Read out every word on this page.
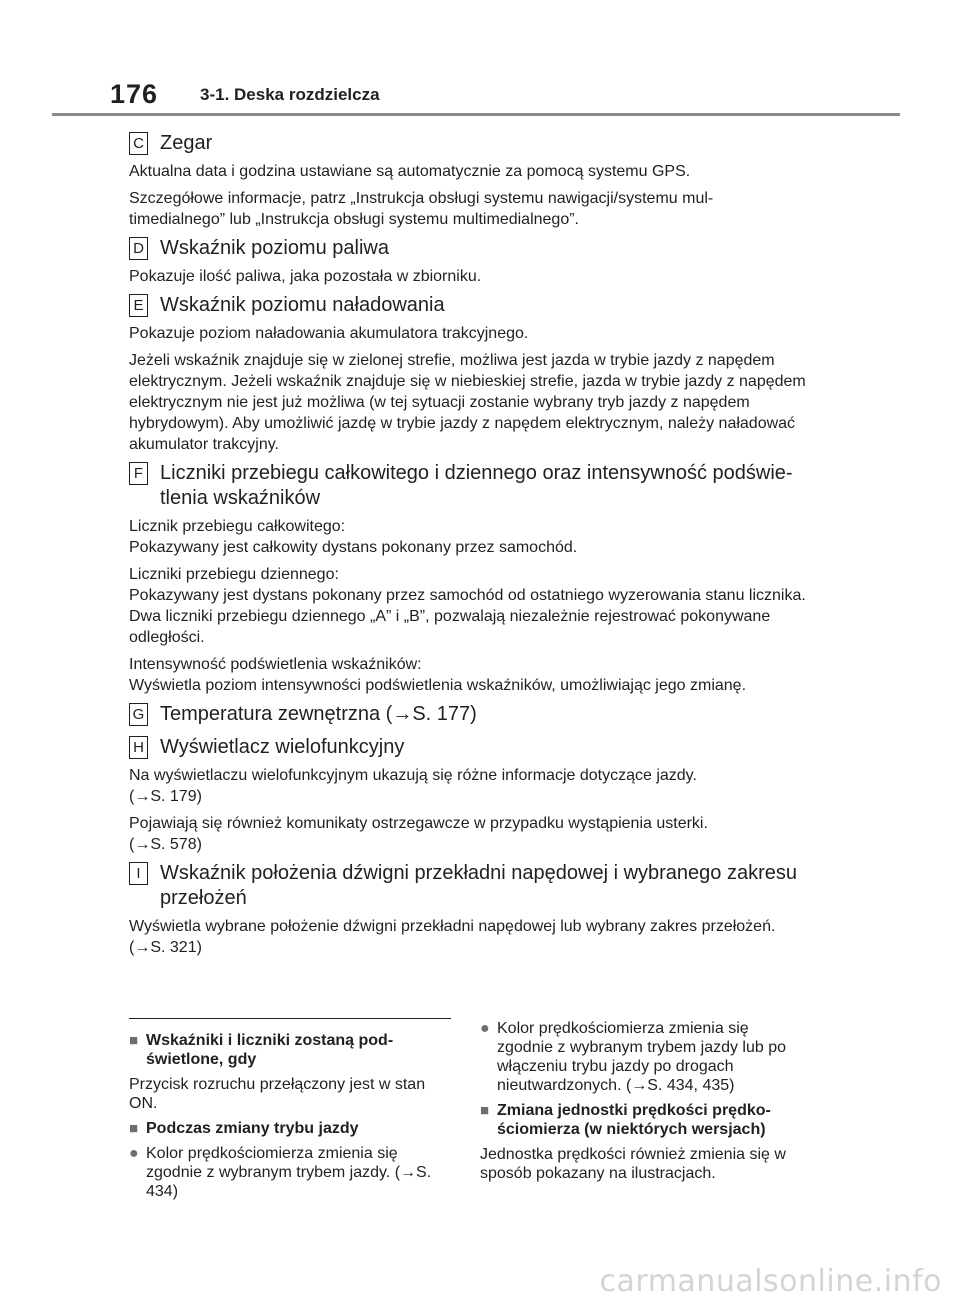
176 3-1. Deska rozdzielcza
C Zegar

Aktualna data i godzina ustawiane są automatycznie za pomocą systemu GPS.

Szczegółowe informacje, patrz „Instrukcja obsługi systemu nawigacji/systemu mul-timedialnego” lub „Instrukcja obsługi systemu multimedialnego”.

D Wskaźnik poziomu paliwa

Pokazuje ilość paliwa, jaka pozostała w zbiorniku.

E Wskaźnik poziomu naładowania

Pokazuje poziom naładowania akumulatora trakcyjnego.

Jeżeli wskaźnik znajduje się w zielonej strefie, możliwa jest jazda w trybie jazdy z napędem elektrycznym. Jeżeli wskaźnik znajduje się w niebieskiej strefie, jazda w trybie jazdy z napędem elektrycznym nie jest już możliwa (w tej sytuacji zostanie wybrany tryb jazdy z napędem hybrydowym). Aby umożliwić jazdę w trybie jazdy z napędem elektrycznym, należy naładować akumulator trakcyjny.

F Liczniki przebiegu całkowitego i dziennego oraz intensywność podświe-tlenia wskaźników

Licznik przebiegu całkowitego:
Pokazywany jest całkowity dystans pokonany przez samochód.

Liczniki przebiegu dziennego:
Pokazywany jest dystans pokonany przez samochód od ostatniego wyzerowania stanu licznika. Dwa liczniki przebiegu dziennego „A” i „B”, pozwalają niezależnie rejestrować pokonywane odległości.

Intensywność podświetlenia wskaźników:
Wyświetla poziom intensywności podświetlenia wskaźników, umożliwiając jego zmianę.

G Temperatura zewnętrzna (→S. 177)
H Wyświetlacz wielofunkcyjny

Na wyświetlaczu wielofunkcyjnym ukazują się różne informacje dotyczące jazdy.
(→S. 179)

Pojawiają się również komunikaty ostrzegawcze w przypadku wystąpienia usterki.
(→S. 578)

I Wskaźnik położenia dźwigni przekładni napędowej i wybranego zakresu przełożeń

Wyświetla wybrane położenie dźwigni przekładni napędowej lub wybrany zakres przełożeń. (→S. 321)

■ Wskaźniki i liczniki zostaną pod-świetlone, gdy
Przycisk rozruchu przełączony jest w stan ON.
■ Podczas zmiany trybu jazdy
● Kolor prędkościomierza zmienia się zgodnie z wybranym trybem jazdy. (→S. 434)
● Kolor prędkościomierza zmienia się zgodnie z wybranym trybem jazdy lub po włączeniu trybu jazdy po drogach nieutwardzonych. (→S. 434, 435)
■ Zmiana jednostki prędkości prędko-ściomierza (w niektórych wersjach)
Jednostka prędkości również zmienia się w sposób pokazany na ilustracjach.
carmanualsonline.info
